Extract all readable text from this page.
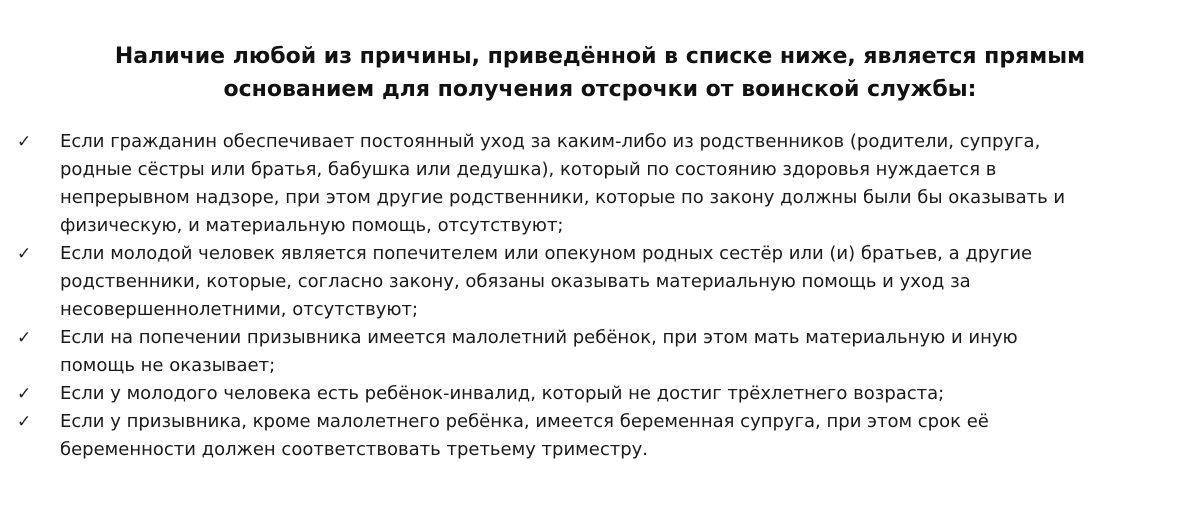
Наличие любой из причины, приведённой в списке ниже, является прямым
основанием для получения отсрочки от воинской службы:
✓ Если гражданин обеспечивает постоянный уход за каким-либо из родственников (родители, супруга,
родные сёстры или братья, бабушка или дедушка), который по состоянию здоровья нуждается в
непрерывном надзоре, при этом другие родственники, которые по закону должны были бы оказывать и
физическую, и материальную помощь, отсутствуют;
✓ Если молодой человек является попечителем или опекуном родных сестёр или (и) братьев, а другие
родственники, которые, согласно закону, обязаны оказывать материальную помощь и уход за
несовершеннолетними, отсутствуют;
✓ Если на попечении призывника имеется малолетний ребёнок, при этом мать материальную и иную
помощь не оказывает;
✓ Если у молодого человека есть ребёнок-инвалид, который не достиг трёхлетнего возраста;
✓ Если у призывника, кроме малолетнего ребёнка, имеется беременная супруга, при этом срок её
беременности должен соответствовать третьему триместру.
